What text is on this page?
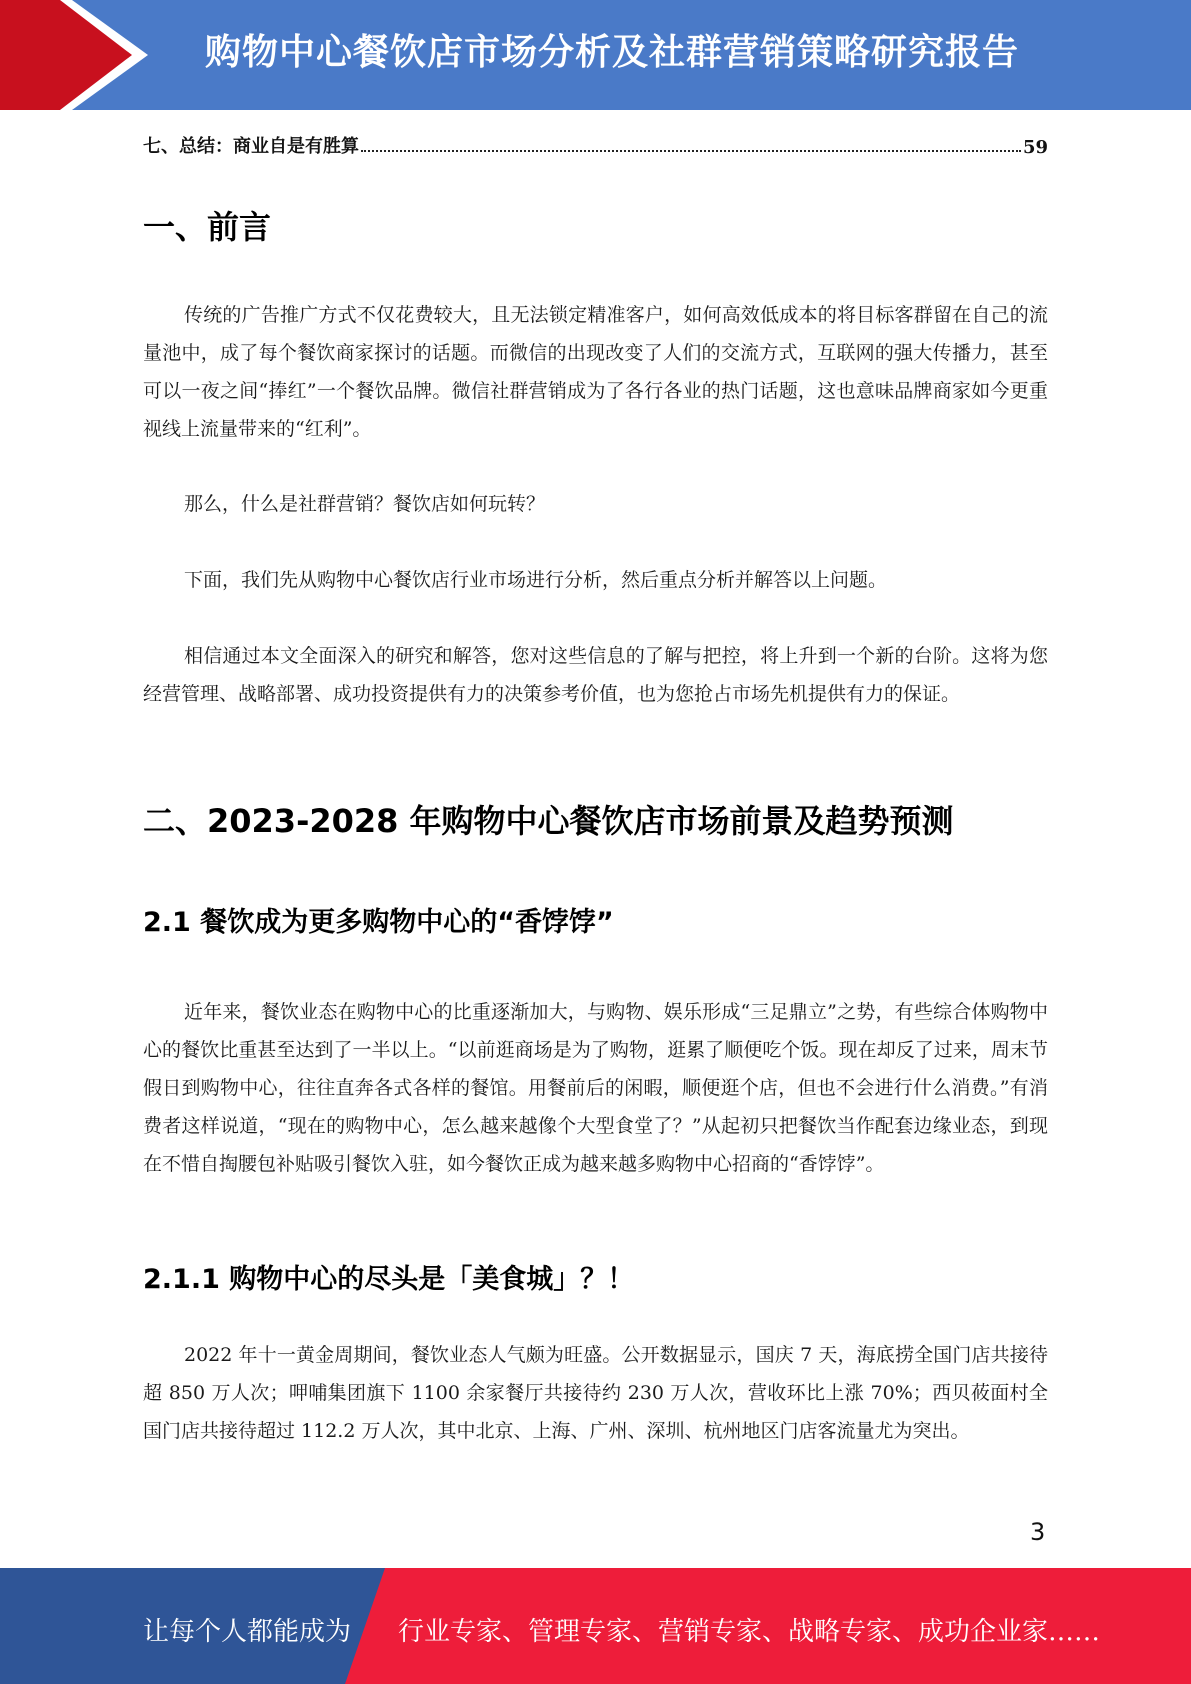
购物中心餐饮店市场分析及社群营销策略研究报告
七、总结：商业自是有胜算	59
一、前言

传统的广告推广方式不仅花费较大，且无法锁定精准客户，如何高效低成本的将目标客群留在自己的流量池中，成了每个餐饮商家探讨的话题。而微信的出现改变了人们的交流方式，互联网的强大传播力，甚至可以一夜之间“捧红”一个餐饮品牌。微信社群营销成为了各行各业的热门话题，这也意味品牌商家如今更重视线上流量带来的“红利”。

那么，什么是社群营销？餐饮店如何玩转？

下面，我们先从购物中心餐饮店行业市场进行分析，然后重点分析并解答以上问题。

相信通过本文全面深入的研究和解答，您对这些信息的了解与把控，将上升到一个新的台阶。这将为您经营管理、战略部署、成功投资提供有力的决策参考价值，也为您抢占市场先机提供有力的保证。

二、2023-2028 年购物中心餐饮店市场前景及趋势预测
2.1 餐饮成为更多购物中心的“香饽饽”

近年来，餐饮业态在购物中心的比重逐渐加大，与购物、娱乐形成“三足鼎立”之势，有些综合体购物中心的餐饮比重甚至达到了一半以上。“以前逛商场是为了购物，逛累了顺便吃个饭。现在却反了过来，周末节假日到购物中心，往往直奔各式各样的餐馆。用餐前后的闲暇，顺便逛个店，但也不会进行什么消费。”有消费者这样说道，“现在的购物中心，怎么越来越像个大型食堂了？”从起初只把餐饮当作配套边缘业态，到现在不惜自掏腰包补贴吸引餐饮入驻，如今餐饮正成为越来越多购物中心招商的“香饽饽”。

2.1.1 购物中心的尽头是「美食城」？！

2022 年十一黄金周期间，餐饮业态人气颇为旺盛。公开数据显示，国庆 7 天，海底捞全国门店共接待超 850 万人次；呷哺集团旗下 1100 余家餐厅共接待约 230 万人次，营收环比上涨 70%；西贝莜面村全国门店共接待超过 112.2 万人次，其中北京、上海、广州、深圳、杭州地区门店客流量尤为突出。

3
让每个人都能成为 行业专家、管理专家、营销专家、战略专家、成功企业家……
